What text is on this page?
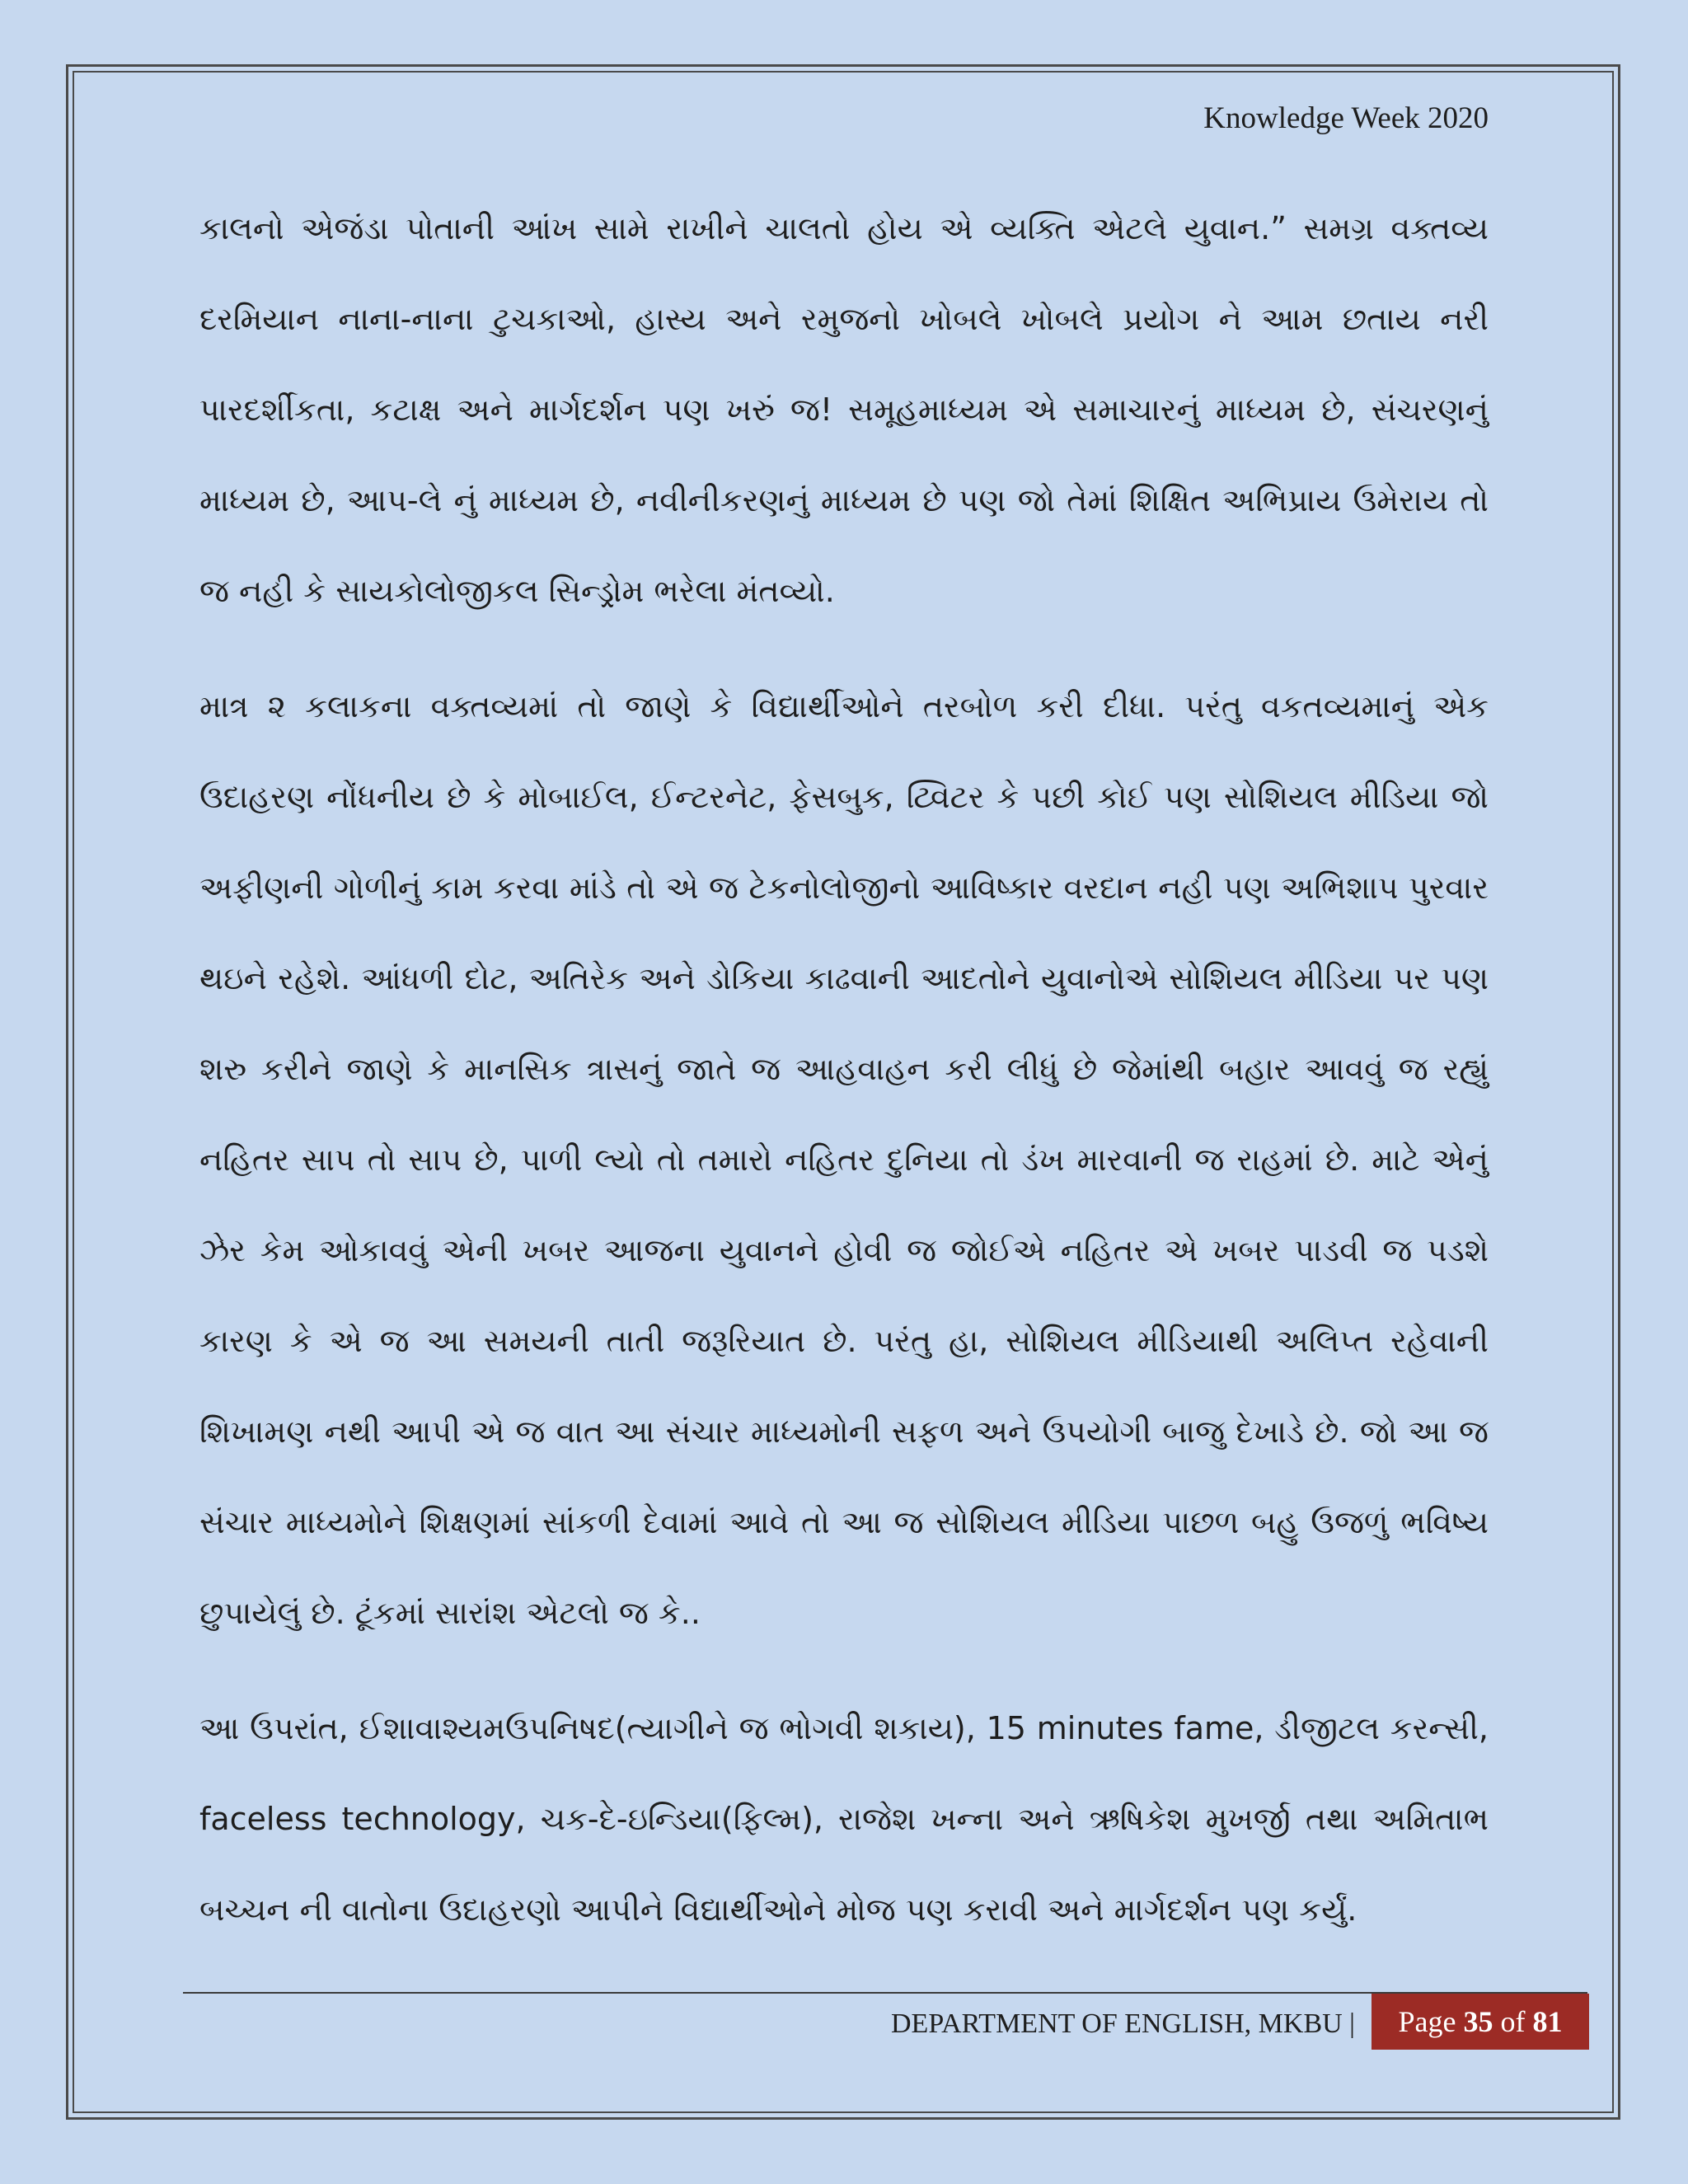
Knowledge Week 2020

કાલનો એજંડા પોતાની આંખ સામે રાખીને ચાલતો હોય એ વ્યક્તિ એટલે યુવાન.” સમગ્ર વક્તવ્ય દરમિયાન નાના-નાના ટુચકાઓ, હાસ્ય અને રમુજનો ખોબલે ખોબલે પ્રયોગ ને આમ છતાય નરી પારદર્શીકતા, કટાક્ષ અને માર્ગદર્શન પણ ખરું જ! સમૂહમાધ્યમ એ સમાચારનું માધ્યમ છે, સંચરણનું માધ્યમ છે, આપ-લે નું માધ્યમ છે, નવીનીકરણનું માધ્યમ છે પણ જો તેમાં શિક્ષિત અભિપ્રાય ઉમેરાય તો જ નહી કે સાયકોલોજીકલ સિન્ડ્રોમ ભરેલા મંતવ્યો.

માત્ર ૨ કલાકના વક્તવ્યમાં તો જાણે કે વિદ્યાર્થીઓને તરબોળ કરી દીધા. પરંતુ વકતવ્યમાનું એક ઉદાહરણ નોંધનીય છે કે મોબાઈલ, ઈન્ટરનેટ, ફેસબુક, ટ્વિટર કે પછી કોઈ પણ સોશિયલ મીડિયા જો અફીણની ગોળીનું કામ કરવા માંડે તો એ જ ટેકનોલોજીનો આવિષ્કાર વરદાન નહી પણ અભિશાપ પુરવાર થઇને રહેશે. આંધળી દોટ, અતિરેક અને ડોકિયા કાઢવાની આદતોને યુવાનોએ સોશિયલ મીડિયા પર પણ શરુ કરીને જાણે કે માનસિક ત્રાસનું જાતે જ આહવાહન કરી લીધું છે જેમાંથી બહાર આવવું જ રહ્યું નહિતર સાપ તો સાપ છે, પાળી લ્યો તો તમારો નહિતર દુનિયા તો ડંખ મારવાની જ રાહમાં છે. માટે એનું ઝેર કેમ ઓકાવવું એની ખબર આજના યુવાનને હોવી જ જોઈએ નહિતર એ ખબર પાડવી જ પડશે કારણ કે એ જ આ સમયની તાતી જરૂરિયાત છે. પરંતુ હા, સોશિયલ મીડિયાથી અલિપ્ત રહેવાની શિખામણ નથી આપી એ જ વાત આ સંચાર માધ્યમોની સફળ અને ઉપયોગી બાજુ દેખાડે છે. જો આ જ સંચાર માધ્યમોને શિક્ષણમાં સાંકળી દેવામાં આવે તો આ જ સોશિયલ મીડિયા પાછળ બહુ ઉજળું ભવિષ્ય છુપાયેલું છે. ટૂંકમાં સારાંશ એટલો જ કે..

આ ઉપરાંત, ઈશાવાશ્યમઉપનિષદ(ત્યાગીને જ ભોગવી શકાય), 15 minutes fame, ડીજીટલ કરન્સી, faceless technology, ચક-દે-ઇન્ડિયા(ફિલ્મ), રાજેશ ખન્ના અને ઋષિકેશ મુખર્જી તથા અમિતાભ બચ્ચન ની વાતોના ઉદાહરણો આપીને વિદ્યાર્થીઓને મોજ પણ કરાવી અને માર્ગદર્શન પણ કર્યું.

DEPARTMENT OF ENGLISH, MKBU |	Page 35 of 81
